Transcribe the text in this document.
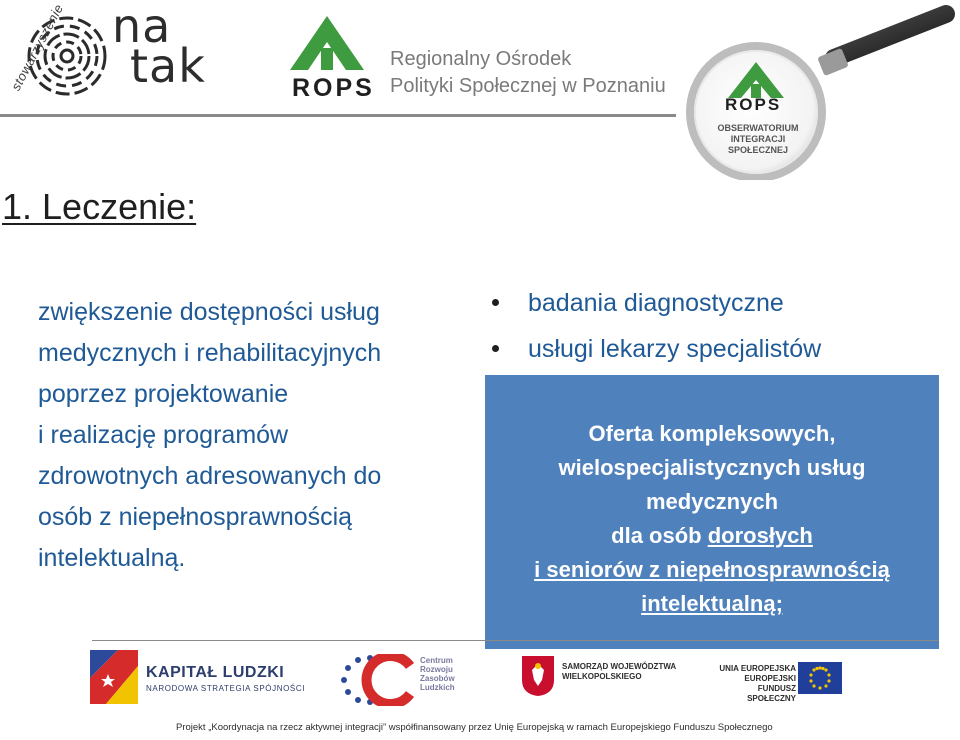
stowarzyszenie na
tak	ROPS
Regionalny Ośrodek
Polityki Społecznej w Poznaniu
ROPS
OBSERWATORIUM
INTEGRACJI
SPOŁECZNEJ
1. Leczenie:
zwiększenie dostępności usług
medycznych i rehabilitacyjnych
poprzez projektowanie
i realizację programów
zdrowotnych adresowanych do
osób z niepełnosprawnością
intelektualną.
badania diagnostyczne
usługi lekarzy specjalistów
Oferta kompleksowych,
wielospecjalistycznych usług
medycznych
dla osób dorosłych
i seniorów z niepełnosprawnością
intelektualną;
KAPITAŁ LUDZKI
NARODOWA STRATEGIA SPÓJNOŚCI
Centrum
Rozwoju
Zasobów
Ludzkich
SAMORZĄD WOJEWÓDZTWA
WIELKOPOLSKIEGO
UNIA EUROPEJSKA
EUROPEJSKI
FUNDUSZ SPOŁECZNY
Projekt „Koordynacja na rzecz aktywnej integracji” współfinansowany przez Unię Europejską w ramach Europejskiego Funduszu Społecznego
